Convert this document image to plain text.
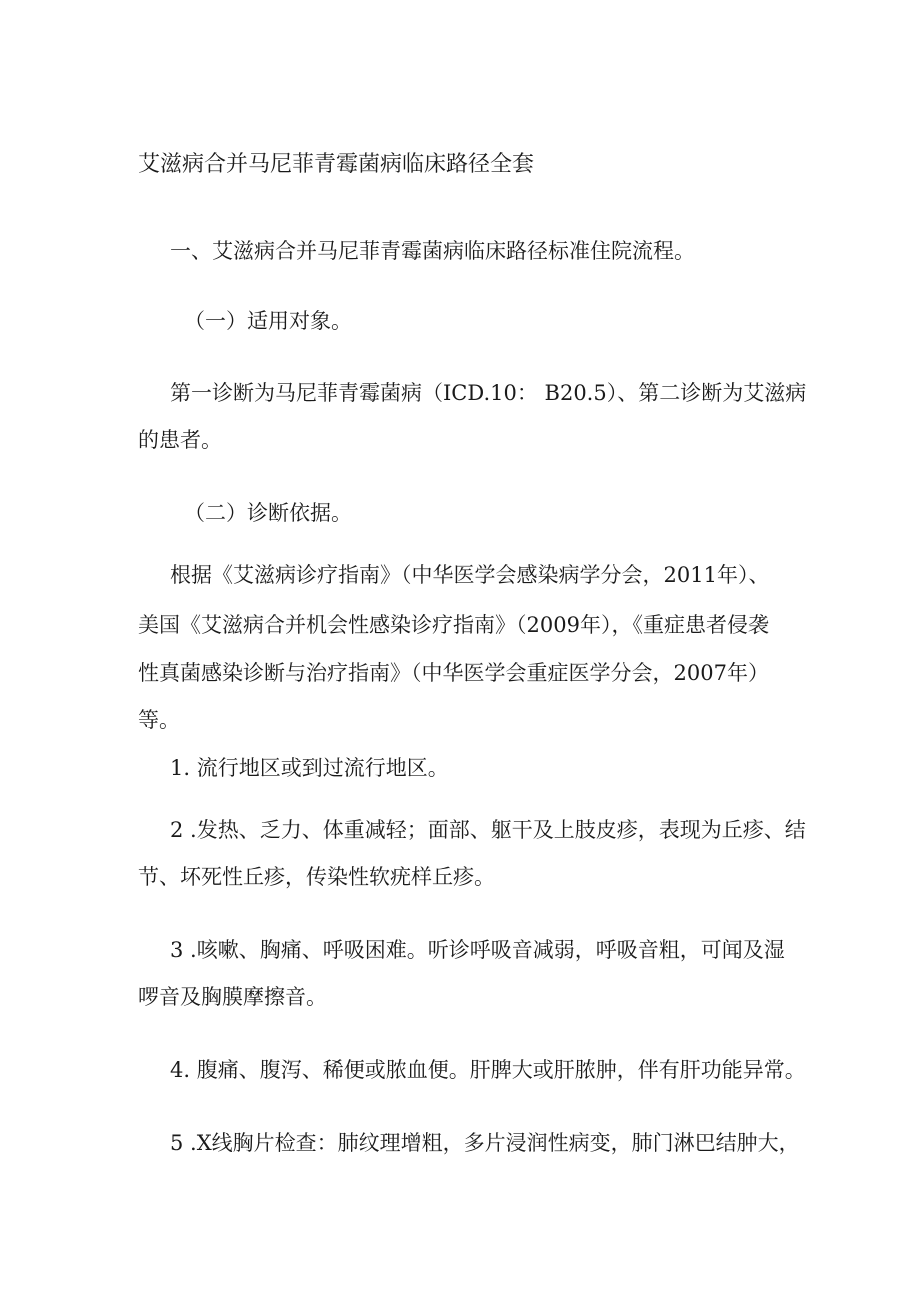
艾滋病合并马尼菲青霉菌病临床路径全套
一、艾滋病合并马尼菲青霉菌病临床路径标准住院流程。
（一）适用对象。
第一诊断为马尼菲青霉菌病（ICD.10： B20.5）、第二诊断为艾滋病
的患者。
（二）诊断依据。
根据《艾滋病诊疗指南》（中华医学会感染病学分会，2011年）、
美国《艾滋病合并机会性感染诊疗指南》（2009年），《重症患者侵袭
性真菌感染诊断与治疗指南》（中华医学会重症医学分会，2007年）
等。
1. 流行地区或到过流行地区。
2 .发热、乏力、体重减轻；面部、躯干及上肢皮疹，表现为丘疹、结
节、坏死性丘疹，传染性软疣样丘疹。
3 .咳嗽、胸痛、呼吸困难。听诊呼吸音减弱，呼吸音粗，可闻及湿
啰音及胸膜摩擦音。
4. 腹痛、腹泻、稀便或脓血便。肝脾大或肝脓肿，伴有肝功能异常。
5 .X线胸片检查：肺纹理增粗，多片浸润性病变，肺门淋巴结肿大，
